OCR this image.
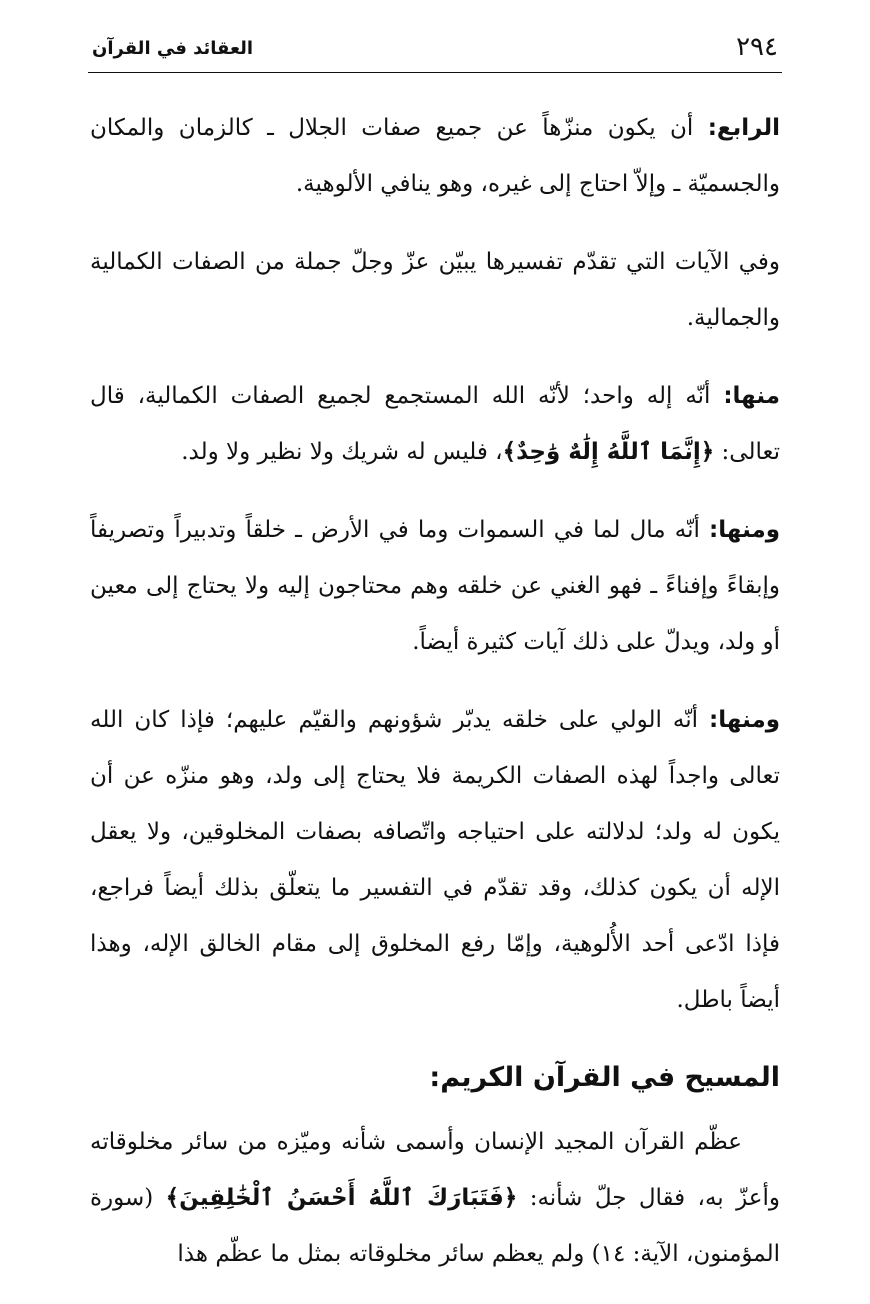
العقائد في القرآن	٢٩٤

الرابع: أن يكون منزّهاً عن جميع صفات الجلال ـ كالزمان والمكان والجسميّة ـ وإلاّ احتاج إلى غيره، وهو ينافي الألوهية.

وفي الآيات التي تقدّم تفسيرها يبيّن عزّ وجلّ جملة من الصفات الكمالية والجمالية.

منها: أنّه إله واحد؛ لأنّه الله المستجمع لجميع الصفات الكمالية، قال تعالى: ﴿إِنَّمَا ٱللَّهُ إِلَٰهٌ وَٰحِدٌ﴾، فليس له شريك ولا نظير ولا ولد.

ومنها: أنّه مال لما في السموات وما في الأرض ـ خلقاً وتدبيراً وتصريفاً وإبقاءً وإفناءً ـ فهو الغني عن خلقه وهم محتاجون إليه ولا يحتاج إلى معين أو ولد، ويدلّ على ذلك آيات كثيرة أيضاً.

ومنها: أنّه الولي على خلقه يدبّر شؤونهم والقيّم عليهم؛ فإذا كان الله تعالى واجداً لهذه الصفات الكريمة فلا يحتاج إلى ولد، وهو منزّه عن أن يكون له ولد؛ لدلالته على احتياجه واتّصافه بصفات المخلوقين، ولا يعقل الإله أن يكون كذلك، وقد تقدّم في التفسير ما يتعلّق بذلك أيضاً فراجع، فإذا ادّعى أحد الأُلوهية، وإمّا رفع المخلوق إلى مقام الخالق الإله، وهذا أيضاً باطل.

المسيح في القرآن الكريم:

عظّم القرآن المجيد الإنسان وأسمى شأنه وميّزه من سائر مخلوقاته وأعزّ به، فقال جلّ شأنه: ﴿فَتَبَارَكَ ٱللَّهُ أَحْسَنُ ٱلْخَٰلِقِينَ﴾ (سورة المؤمنون، الآية: ١٤) ولم يعظم سائر مخلوقاته بمثل ما عظّم هذا
